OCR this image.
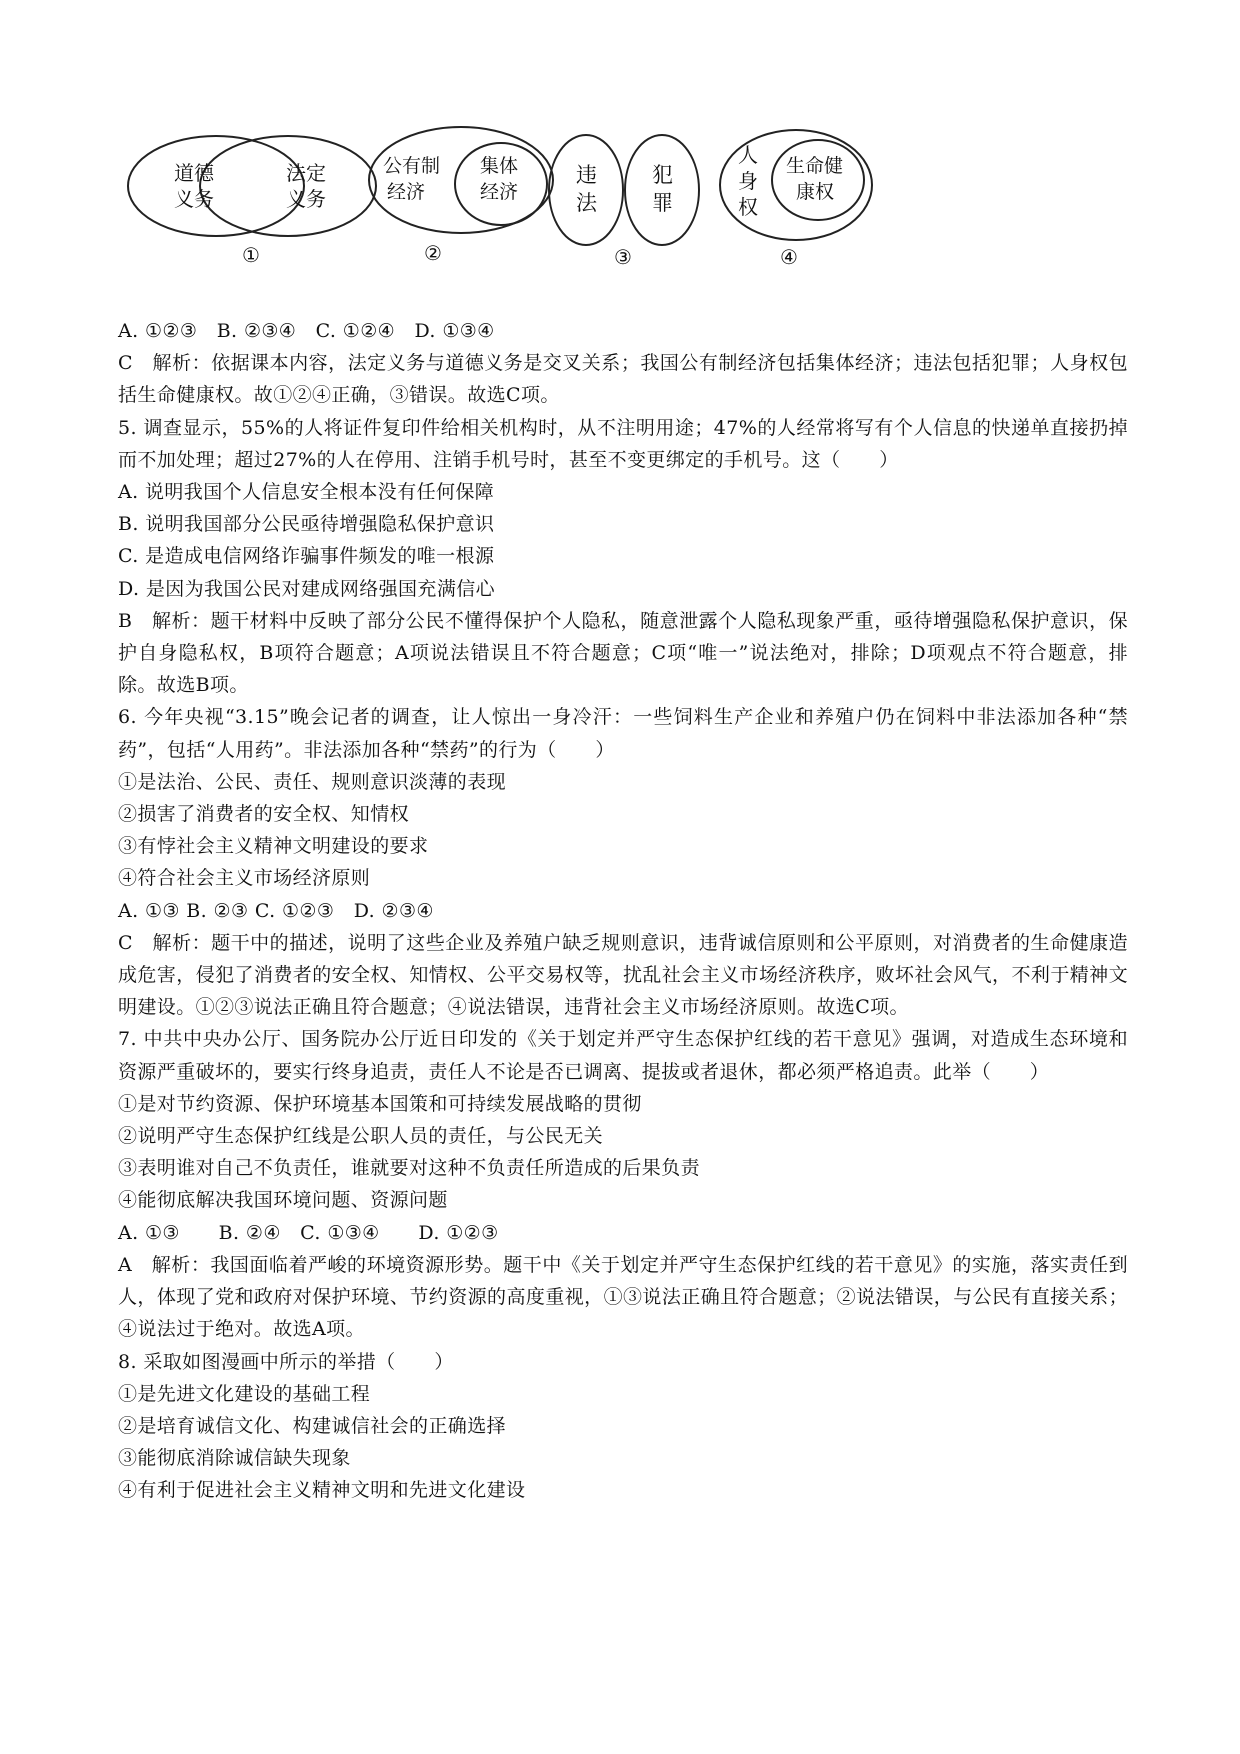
道德
义务
法定
义务
①
公有制
经济
集体
经济
②
违
法
犯
罪
③
人
身
权
生命健
康权
④

A. ①②③　B. ②③④　C. ①②④　D. ①③④

C　解析：依据课本内容，法定义务与道德义务是交叉关系；我国公有制经济包括集体经济；违法包括犯罪；人身权包括生命健康权。故①②④正确，③错误。故选C项。

5. 调查显示，55%的人将证件复印件给相关机构时，从不注明用途；47%的人经常将写有个人信息的快递单直接扔掉而不加处理；超过27%的人在停用、注销手机号时，甚至不变更绑定的手机号。这（　　）

A. 说明我国个人信息安全根本没有任何保障

B. 说明我国部分公民亟待增强隐私保护意识

C. 是造成电信网络诈骗事件频发的唯一根源

D. 是因为我国公民对建成网络强国充满信心

B　解析：题干材料中反映了部分公民不懂得保护个人隐私，随意泄露个人隐私现象严重，亟待增强隐私保护意识，保护自身隐私权，B项符合题意；A项说法错误且不符合题意；C项“唯一”说法绝对，排除；D项观点不符合题意，排除。故选B项。

6. 今年央视“3.15”晚会记者的调查，让人惊出一身冷汗：一些饲料生产企业和养殖户仍在饲料中非法添加各种“禁药”，包括“人用药”。非法添加各种“禁药”的行为（　　）

①是法治、公民、责任、规则意识淡薄的表现

②损害了消费者的安全权、知情权

③有悖社会主义精神文明建设的要求

④符合社会主义市场经济原则

A. ①③ B. ②③ C. ①②③　D. ②③④

C　解析：题干中的描述，说明了这些企业及养殖户缺乏规则意识，违背诚信原则和公平原则，对消费者的生命健康造成危害，侵犯了消费者的安全权、知情权、公平交易权等，扰乱社会主义市场经济秩序，败坏社会风气，不利于精神文明建设。①②③说法正确且符合题意；④说法错误，违背社会主义市场经济原则。故选C项。

7. 中共中央办公厅、国务院办公厅近日印发的《关于划定并严守生态保护红线的若干意见》强调，对造成生态环境和资源严重破坏的，要实行终身追责，责任人不论是否已调离、提拔或者退休，都必须严格追责。此举（　　）

①是对节约资源、保护环境基本国策和可持续发展战略的贯彻

②说明严守生态保护红线是公职人员的责任，与公民无关

③表明谁对自己不负责任，谁就要对这种不负责任所造成的后果负责

④能彻底解决我国环境问题、资源问题

A. ①③　　B. ②④　C. ①③④　　D. ①②③

A　解析：我国面临着严峻的环境资源形势。题干中《关于划定并严守生态保护红线的若干意见》的实施，落实责任到人，体现了党和政府对保护环境、节约资源的高度重视，①③说法正确且符合题意；②说法错误，与公民有直接关系；④说法过于绝对。故选A项。

8. 采取如图漫画中所示的举措（　　）

①是先进文化建设的基础工程

②是培育诚信文化、构建诚信社会的正确选择

③能彻底消除诚信缺失现象

④有利于促进社会主义精神文明和先进文化建设
